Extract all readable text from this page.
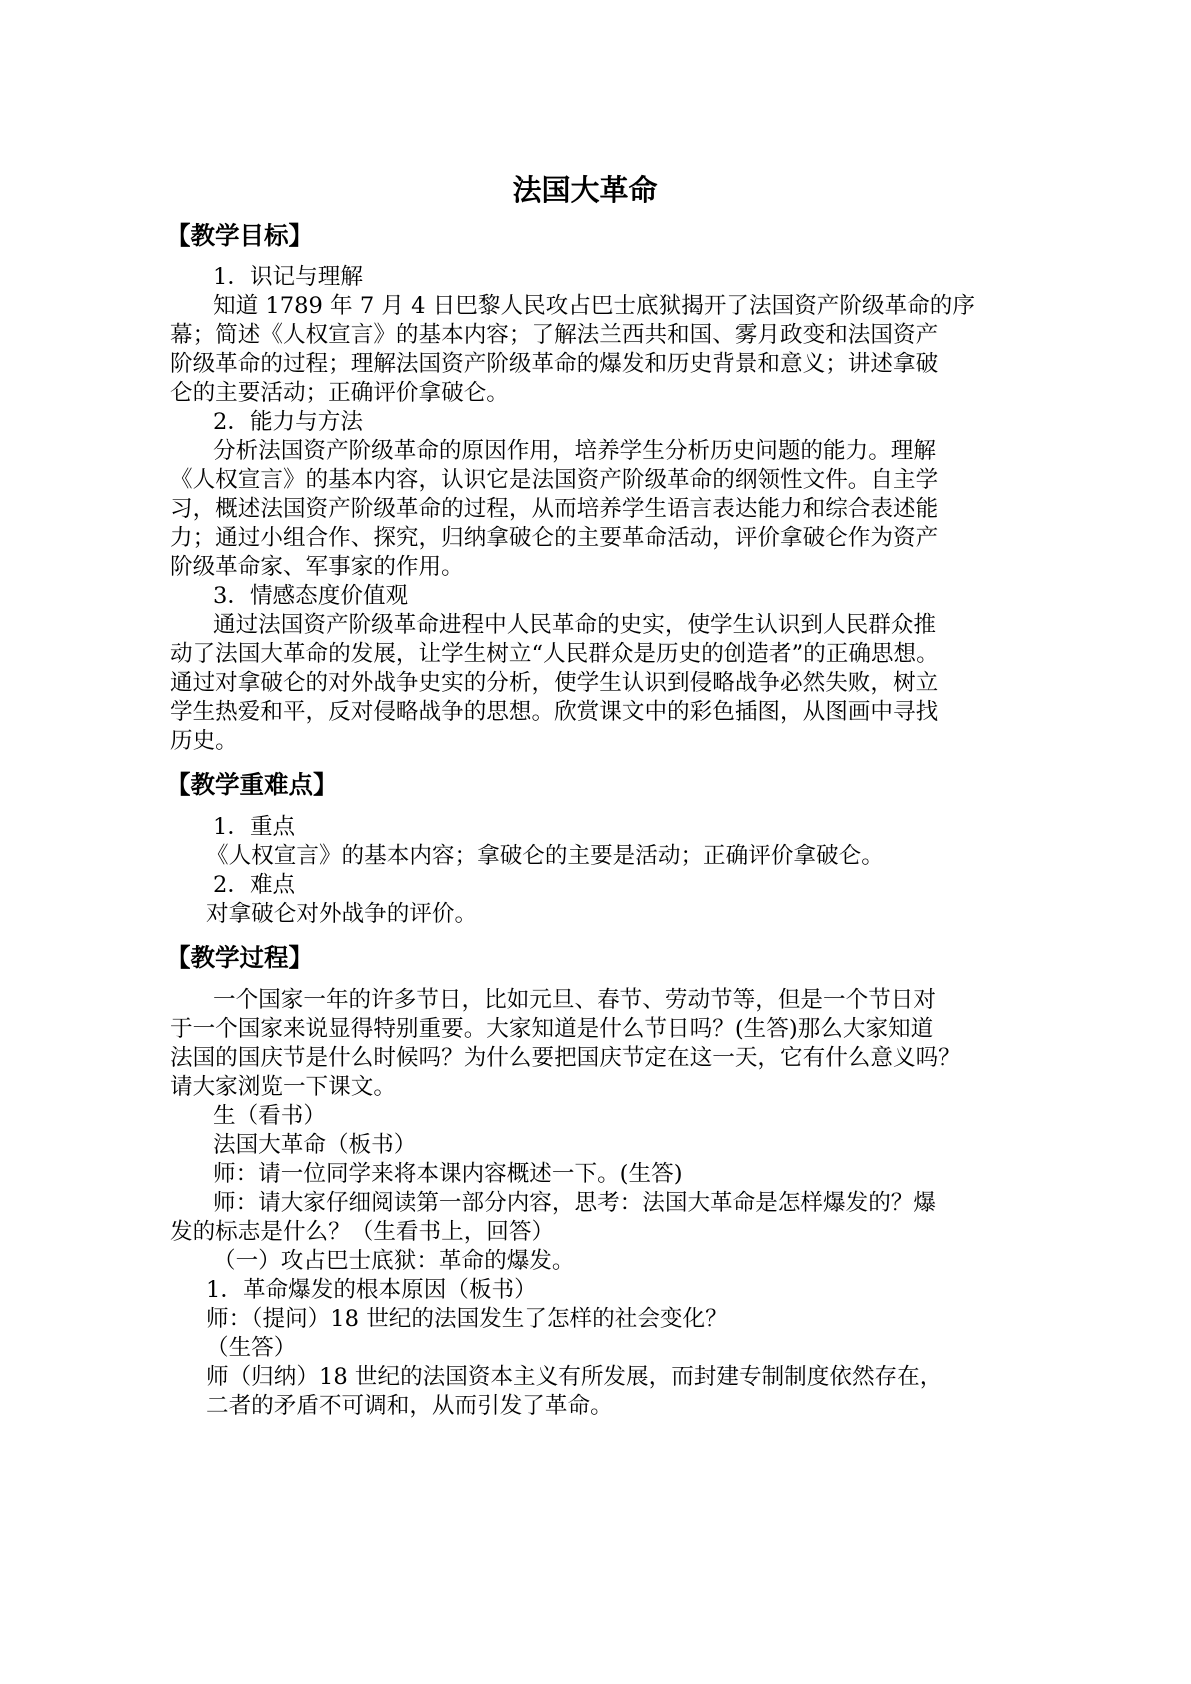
法国大革命
【教学目标】
1．识记与理解
知道 1789 年 7 月 4 日巴黎人民攻占巴士底狱揭开了法国资产阶级革命的序
幕；简述《人权宣言》的基本内容；了解法兰西共和国、雾月政变和法国资产
阶级革命的过程；理解法国资产阶级革命的爆发和历史背景和意义；讲述拿破
仑的主要活动；正确评价拿破仑。
2．能力与方法
分析法国资产阶级革命的原因作用，培养学生分析历史问题的能力。理解
《人权宣言》的基本内容，认识它是法国资产阶级革命的纲领性文件。自主学
习，概述法国资产阶级革命的过程，从而培养学生语言表达能力和综合表述能
力；通过小组合作、探究，归纳拿破仑的主要革命活动，评价拿破仑作为资产
阶级革命家、军事家的作用。
3．情感态度价值观
通过法国资产阶级革命进程中人民革命的史实，使学生认识到人民群众推
动了法国大革命的发展，让学生树立“人民群众是历史的创造者”的正确思想。
通过对拿破仑的对外战争史实的分析，使学生认识到侵略战争必然失败，树立
学生热爱和平，反对侵略战争的思想。欣赏课文中的彩色插图，从图画中寻找
历史。
【教学重难点】
1．重点
《人权宣言》的基本内容；拿破仑的主要是活动；正确评价拿破仑。
2．难点
对拿破仑对外战争的评价。
【教学过程】
一个国家一年的许多节日，比如元旦、春节、劳动节等，但是一个节日对
于一个国家来说显得特别重要。大家知道是什么节日吗？(生答)那么大家知道
法国的国庆节是什么时候吗？为什么要把国庆节定在这一天，它有什么意义吗？
请大家浏览一下课文。
生（看书）
法国大革命（板书）
师：请一位同学来将本课内容概述一下。(生答)
师：请大家仔细阅读第一部分内容，思考：法国大革命是怎样爆发的？爆
发的标志是什么？（生看书上，回答）
（一）攻占巴士底狱：革命的爆发。
1．革命爆发的根本原因（板书）
师：（提问）18 世纪的法国发生了怎样的社会变化？
（生答）
师（归纳）18 世纪的法国资本主义有所发展，而封建专制制度依然存在，
二者的矛盾不可调和，从而引发了革命。
